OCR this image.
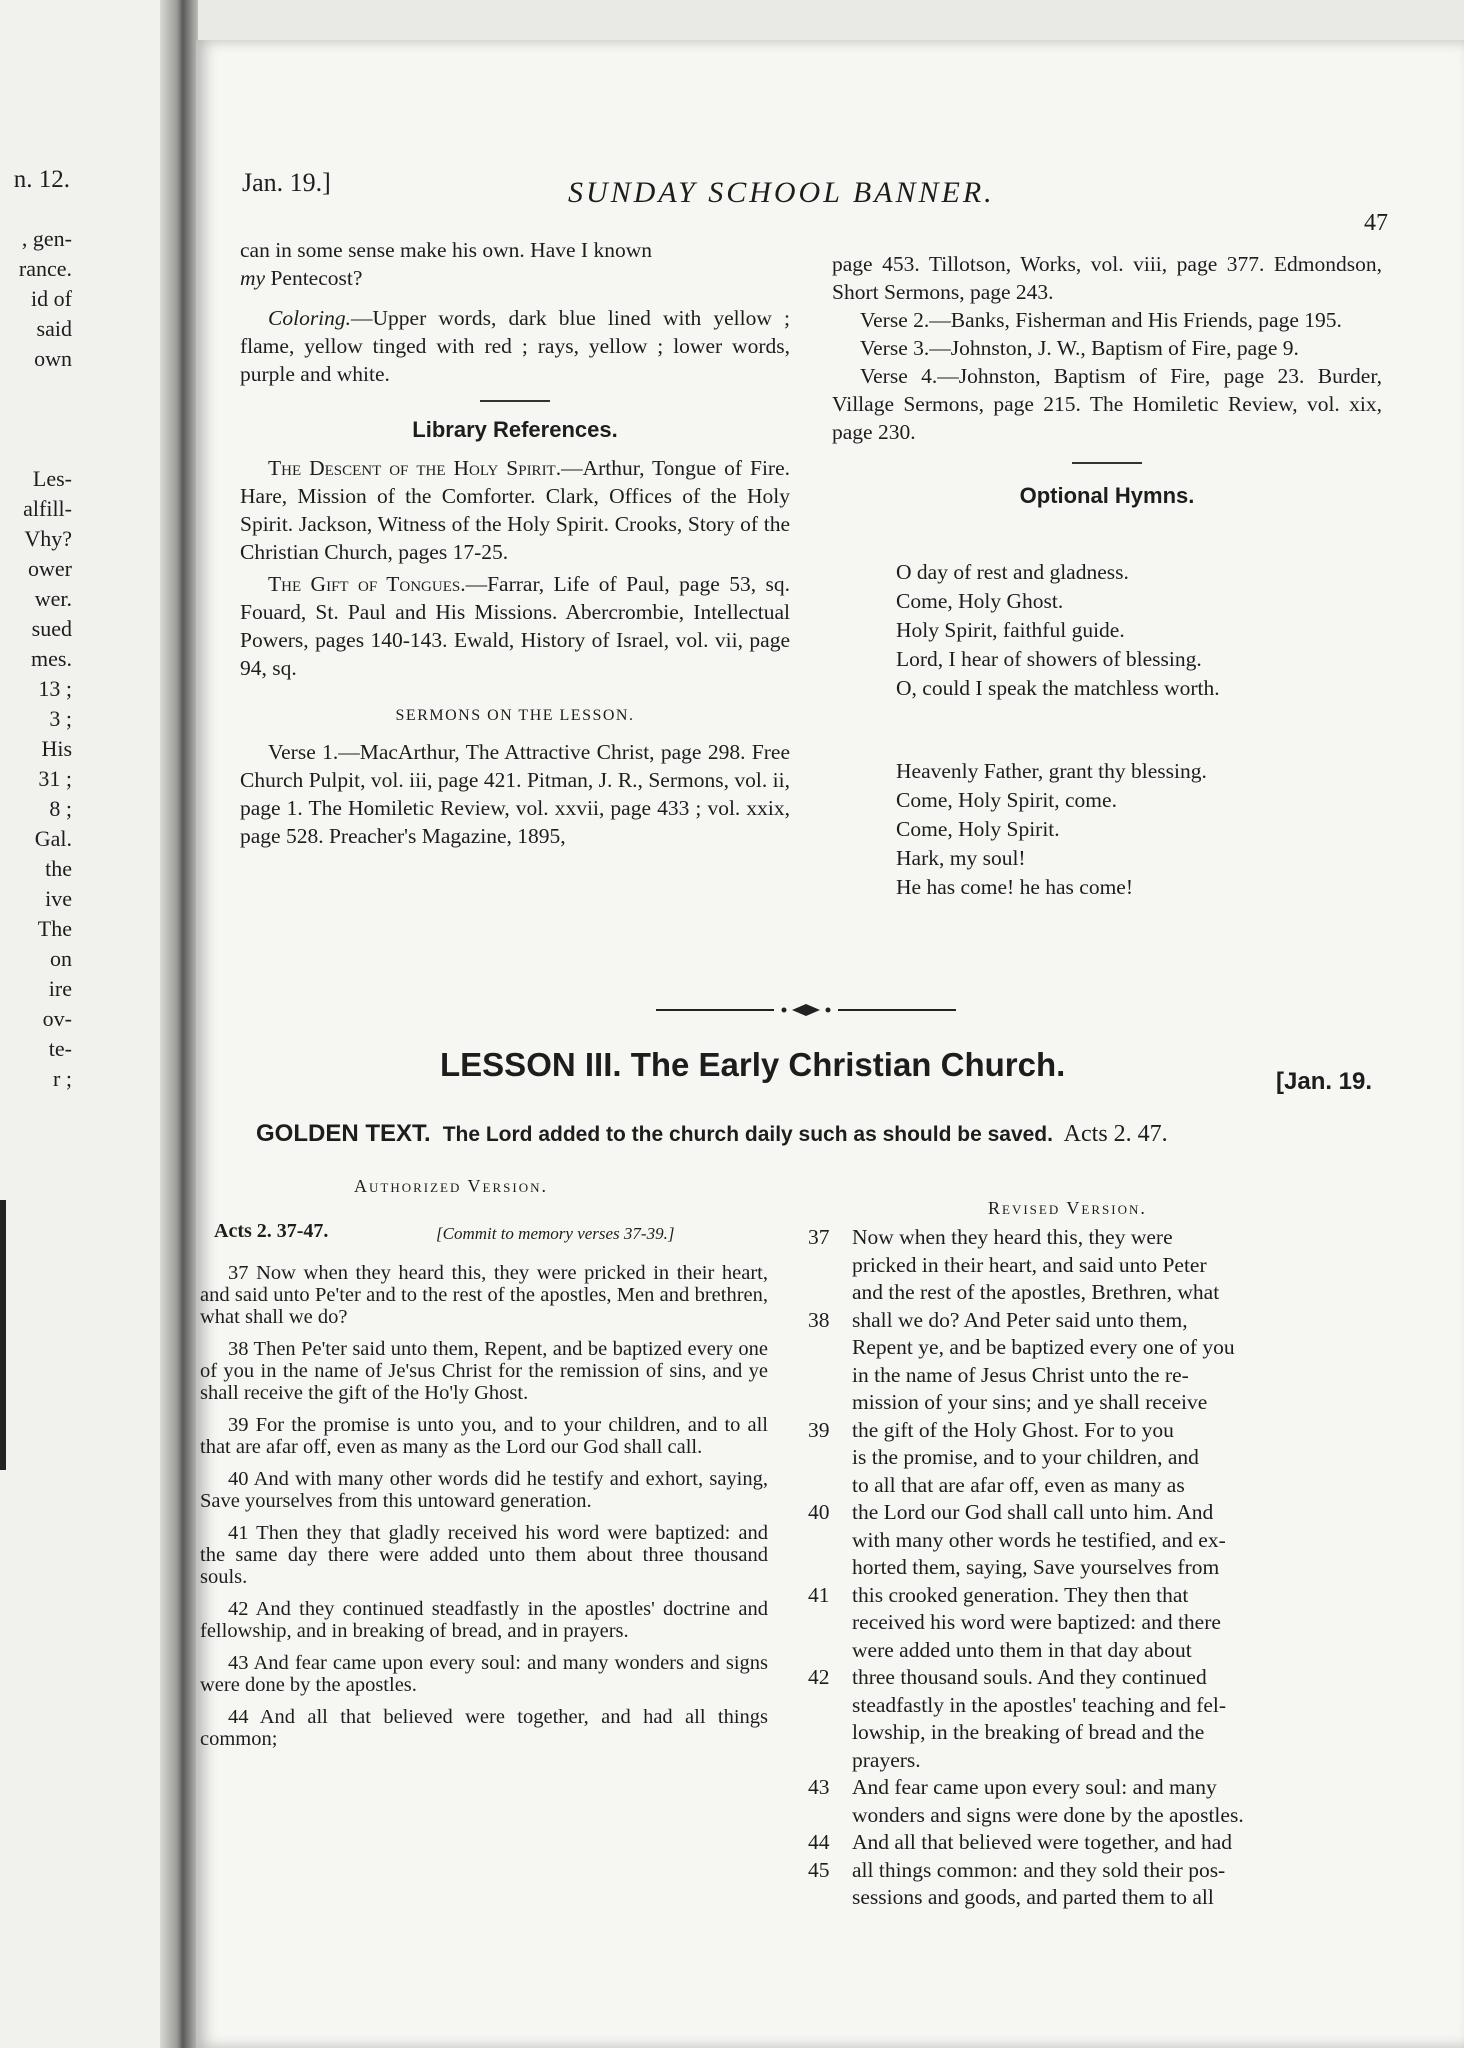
n. 12.
, gen-
rance.
id of
said
own
Les-
alfill-
Vhy?
ower
wer.
sued
mes.
13 ;
3 ;
His
31 ;
8 ;
Gal.
the
ive
The
on
ire
ov-
te-
r ;
Jan. 19.]	SUNDAY SCHOOL BANNER.
47

can in some sense make his own. Have I known
my Pentecost?

Coloring.—Upper words, dark blue lined with yellow ; flame, yellow tinged with red ; rays, yellow ; lower words, purple and white.

Library References.

The Descent of the Holy Spirit.—Arthur, Tongue of Fire. Hare, Mission of the Comforter. Clark, Offices of the Holy Spirit. Jackson, Witness of the Holy Spirit. Crooks, Story of the Christian Church, pages 17-25.

The Gift of Tongues.—Farrar, Life of Paul, page 53, sq. Fouard, St. Paul and His Missions. Abercrombie, Intellectual Powers, pages 140-143. Ewald, History of Israel, vol. vii, page 94, sq.

SERMONS ON THE LESSON.

Verse 1.—MacArthur, The Attractive Christ, page 298. Free Church Pulpit, vol. iii, page 421. Pitman, J. R., Sermons, vol. ii, page 1. The Homiletic Review, vol. xxvii, page 433 ; vol. xxix, page 528. Preacher's Magazine, 1895,

page 453. Tillotson, Works, vol. viii, page 377. Edmondson, Short Sermons, page 243.

Verse 2.—Banks, Fisherman and His Friends, page 195.

Verse 3.—Johnston, J. W., Baptism of Fire, page 9.

Verse 4.—Johnston, Baptism of Fire, page 23. Burder, Village Sermons, page 215. The Homiletic Review, vol. xix, page 230.

Optional Hymns.

O day of rest and gladness.

Come, Holy Ghost.

Holy Spirit, faithful guide.

Lord, I hear of showers of blessing.

O, could I speak the matchless worth.

Heavenly Father, grant thy blessing.

Come, Holy Spirit, come.

Come, Holy Spirit.

Hark, my soul!

He has come! he has come!

LESSON III. The Early Christian Church.	[Jan. 19.
GOLDEN TEXT. The Lord added to the church daily such as should be saved. Acts 2. 47.
Authorized Version.
Revised Version.
Acts 2. 37-47.	[Commit to memory verses 37-39.]

37 Now when they heard this, they were pricked in their heart, and said unto Pe'ter and to the rest of the apostles, Men and brethren, what shall we do?

38 Then Pe'ter said unto them, Repent, and be baptized every one of you in the name of Je'sus Christ for the remission of sins, and ye shall receive the gift of the Ho'ly Ghost.

39 For the promise is unto you, and to your children, and to all that are afar off, even as many as the Lord our God shall call.

40 And with many other words did he testify and exhort, saying, Save yourselves from this untoward generation.

41 Then they that gladly received his word were baptized: and the same day there were added unto them about three thousand souls.

42 And they continued steadfastly in the apostles' doctrine and fellowship, and in breaking of bread, and in prayers.

43 And fear came upon every soul: and many wonders and signs were done by the apostles.

44 And all that believed were together, and had all things common;

37	Now when they heard this, they were
pricked in their heart, and said unto Peter
and the rest of the apostles, Brethren, what
38	shall we do? And Peter said unto them,
Repent ye, and be baptized every one of you
in the name of Jesus Christ unto the re-
mission of your sins; and ye shall receive
39	the gift of the Holy Ghost. For to you
is the promise, and to your children, and
to all that are afar off, even as many as
40	the Lord our God shall call unto him. And
with many other words he testified, and ex-
horted them, saying, Save yourselves from
41	this crooked generation. They then that
received his word were baptized: and there
were added unto them in that day about
42	three thousand souls. And they continued
steadfastly in the apostles' teaching and fel-
lowship, in the breaking of bread and the
prayers.
43	And fear came upon every soul: and many
wonders and signs were done by the apostles.
44	And all that believed were together, and had
45	all things common: and they sold their pos-
sessions and goods, and parted them to all
